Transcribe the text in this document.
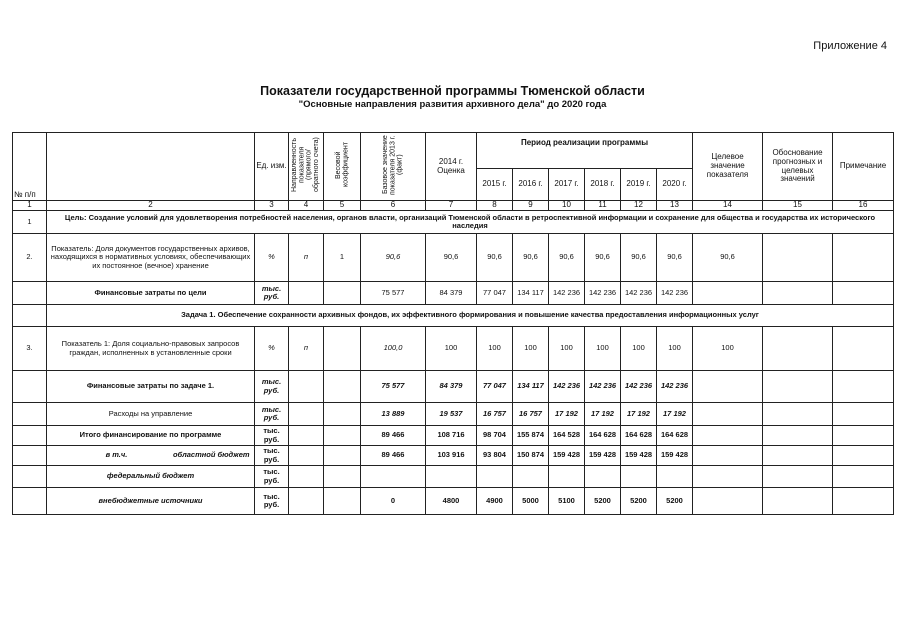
Приложение 4
Показатели государственной программы Тюменской области
"Основные направления развития архивного дела" до 2020 года
№ п/п		Ед. изм.	Направленность показателя (прямого/ обратного счета)	Весовой коэффициент	Базовое значение показателя 2013 г. (факт)	2014 г. Оценка	Период реализации программы						Целевое значение показателя	Обоснование прогнозных и целевых значений	Примечание
							2015 г.	2016 г.	2017 г.	2018 г.	2019 г.	2020 г.			
1	2	3	4	5	6	7	8	9	10	11	12	13	14	15	16
1	Цель: Создание условий для удовлетворения потребностей населения, органов власти, организаций Тюменской области в ретроспективной информации и сохранение для общества и государства их исторического наследия														
2.	Показатель: Доля документов государственных архивов, находящихся в нормативных условиях, обеспечивающих их постоянное (вечное) хранение	%	п	1	90,6	90,6	90,6	90,6	90,6	90,6	90,6	90,6	90,6		
	Финансовые затраты по цели	тыс. руб.			75 577	84 379	77 047	134 117	142 236	142 236	142 236	142 236			
	Задача 1. Обеспечение сохранности архивных фондов, их эффективного формирования и повышение качества предоставления информационных услуг														
3.	Показатель 1: Доля социально-правовых запросов граждан, исполненных в установленные сроки	%	п		100,0	100	100	100	100	100	100	100	100		
	Финансовые затраты по задаче 1.	тыс. руб.			75 577	84 379	77 047	134 117	142 236	142 236	142 236	142 236			
	Расходы на управление	тыс. руб.			13 889	19 537	16 757	16 757	17 192	17 192	17 192	17 192			
	Итого финансирование по программе	тыс. руб.			89 466	108 716	98 704	155 874	164 528	164 628	164 628	164 628			
	в т.ч. областной бюджет	тыс. руб.			89 466	103 916	93 804	150 874	159 428	159 428	159 428	159 428			
	федеральный бюджет	тыс. руб.													
	внебюджетные источники	тыс. руб.			0	4800	4900	5000	5100	5200	5200	5200			
